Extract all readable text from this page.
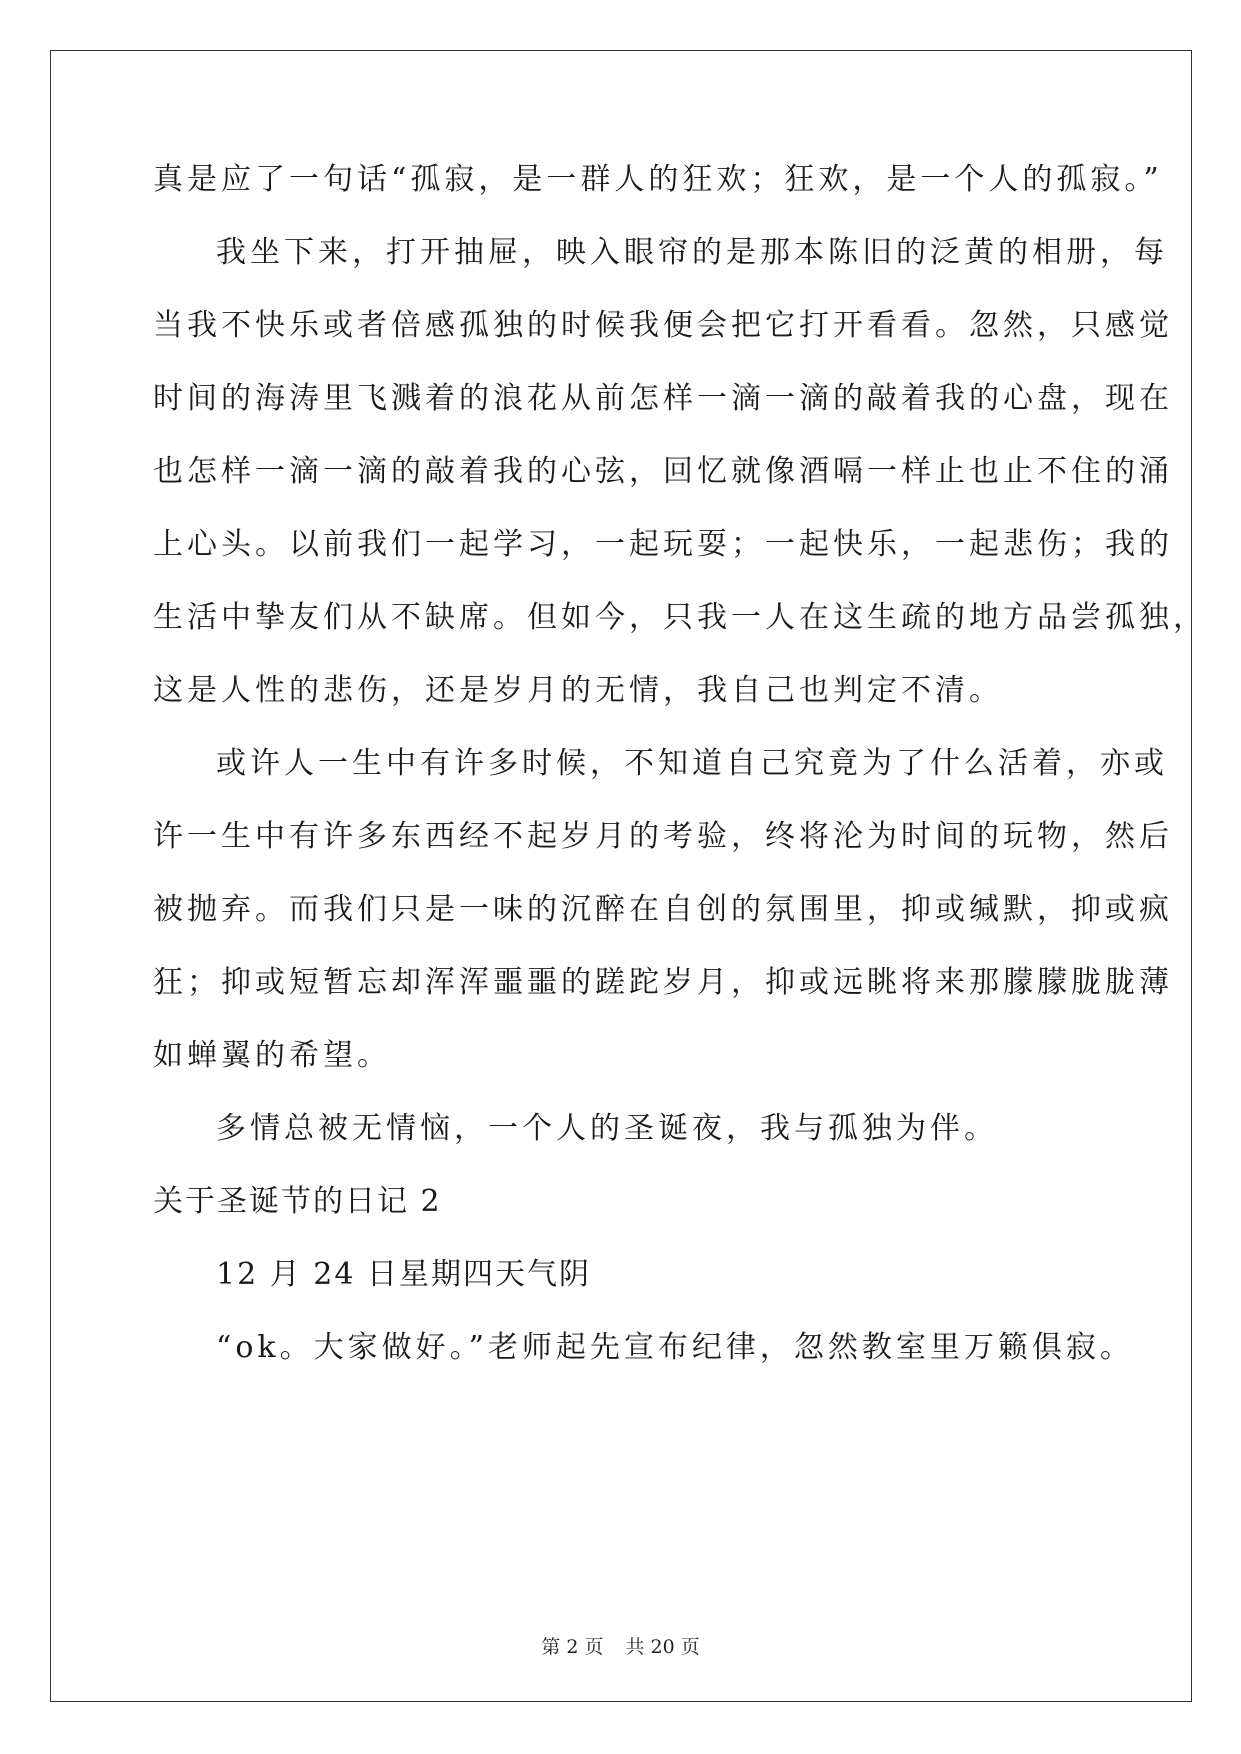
真是应了一句话“孤寂，是一群人的狂欢；狂欢，是一个人的孤寂。”
我坐下来，打开抽屉，映入眼帘的是那本陈旧的泛黄的相册，每
当我不快乐或者倍感孤独的时候我便会把它打开看看。忽然，只感觉
时间的海涛里飞溅着的浪花从前怎样一滴一滴的敲着我的心盘，现在
也怎样一滴一滴的敲着我的心弦，回忆就像酒嗝一样止也止不住的涌
上心头。以前我们一起学习，一起玩耍；一起快乐，一起悲伤；我的
生活中挚友们从不缺席。但如今，只我一人在这生疏的地方品尝孤独，
这是人性的悲伤，还是岁月的无情，我自己也判定不清。
或许人一生中有许多时候，不知道自己究竟为了什么活着，亦或
许一生中有许多东西经不起岁月的考验，终将沦为时间的玩物，然后
被抛弃。而我们只是一味的沉醉在自创的氛围里，抑或缄默，抑或疯
狂；抑或短暂忘却浑浑噩噩的蹉跎岁月，抑或远眺将来那朦朦胧胧薄
如蝉翼的希望。
多情总被无情恼，一个人的圣诞夜，我与孤独为伴。
关于圣诞节的日记 2
12 月 24 日星期四天气阴
“ok。大家做好。”老师起先宣布纪律，忽然教室里万籁俱寂。
第 2 页 共 20 页
